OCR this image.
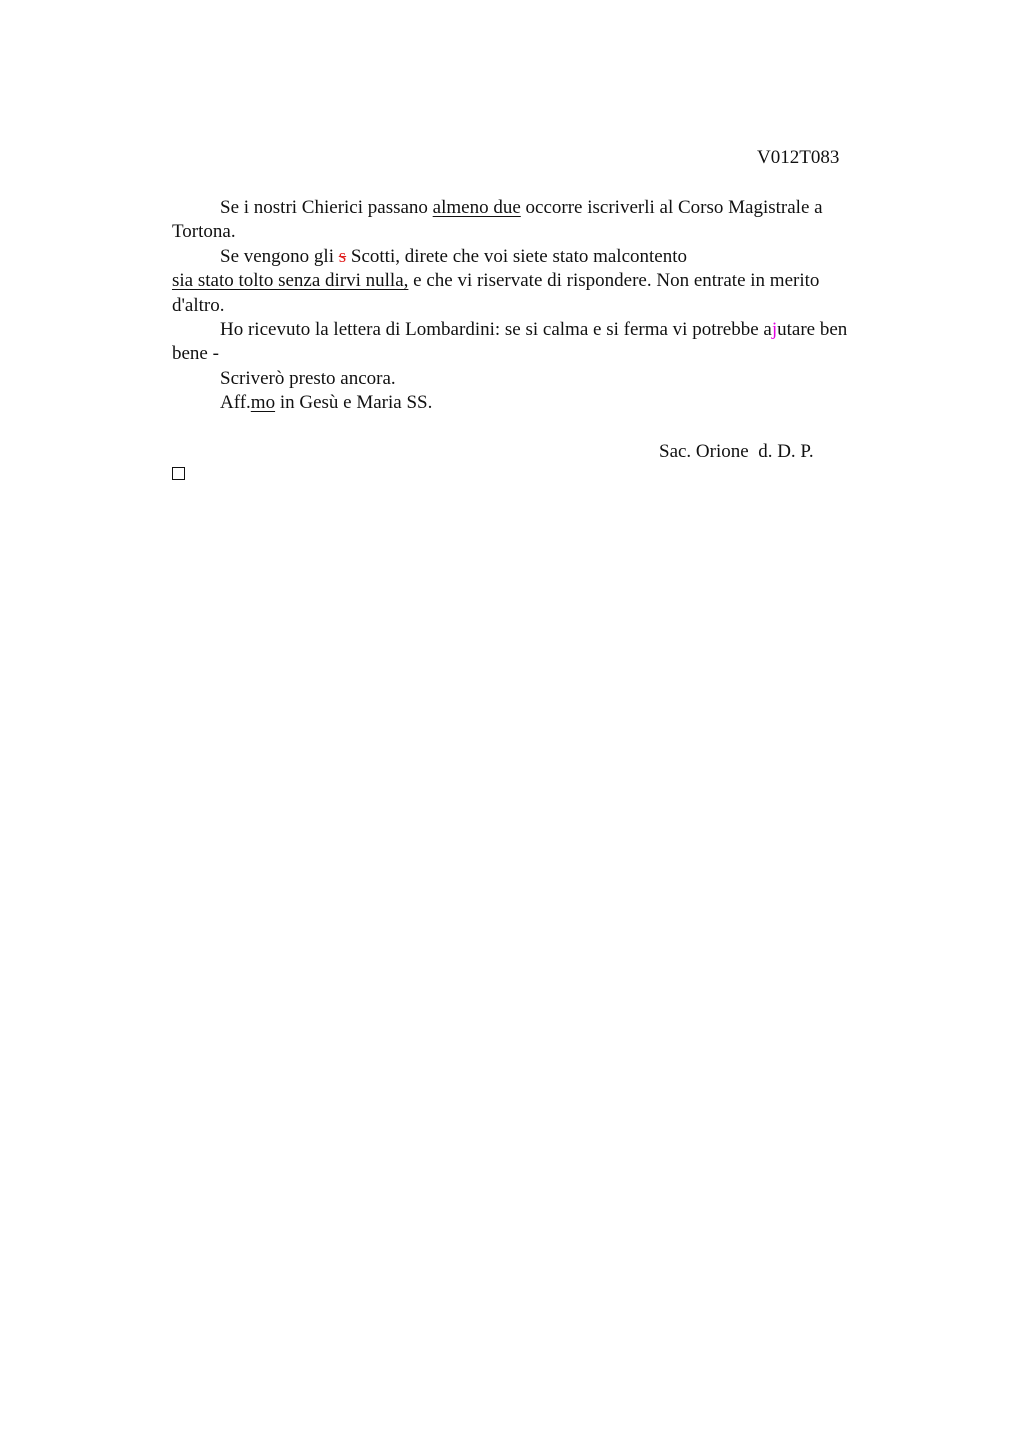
V012T083

Se i nostri Chierici passano almeno due occorre iscriverli al Corso Magistrale a

Tortona.

Se vengono gli s Scotti, direte che voi siete stato malcontento

sia stato tolto senza dirvi nulla, e che vi riservate di rispondere. Non entrate in merito

d'altro.

Ho ricevuto la lettera di Lombardini: se si calma e si ferma vi potrebbe ajutare ben

bene -

Scriverò presto ancora.

Aff.mo in Gesù e Maria SS.

Sac. Orione  d. D. P.
